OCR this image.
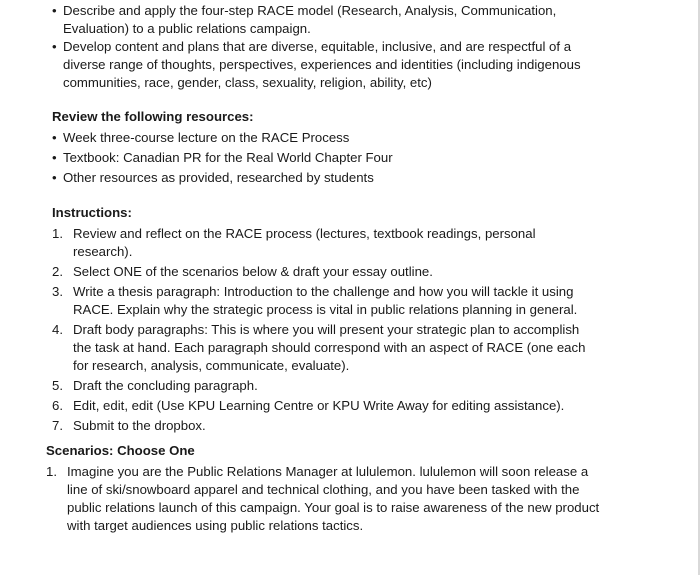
• Describe and apply the four-step RACE model (Research, Analysis, Communication, Evaluation) to a public relations campaign.
• Develop content and plans that are diverse, equitable, inclusive, and are respectful of a diverse range of thoughts, perspectives, experiences and identities (including indigenous communities, race, gender, class, sexuality, religion, ability, etc)
Review the following resources:
• Week three-course lecture on the RACE Process
• Textbook: Canadian PR for the Real World Chapter Four
• Other resources as provided, researched by students
Instructions:
1. Review and reflect on the RACE process (lectures, textbook readings, personal research).
2. Select ONE of the scenarios below & draft your essay outline.
3. Write a thesis paragraph: Introduction to the challenge and how you will tackle it using RACE. Explain why the strategic process is vital in public relations planning in general.
4. Draft body paragraphs: This is where you will present your strategic plan to accomplish the task at hand. Each paragraph should correspond with an aspect of RACE (one each for research, analysis, communicate, evaluate).
5. Draft the concluding paragraph.
6. Edit, edit, edit (Use KPU Learning Centre or KPU Write Away for editing assistance).
7. Submit to the dropbox.
Scenarios: Choose One
1. Imagine you are the Public Relations Manager at lululemon. lululemon will soon release a line of ski/snowboard apparel and technical clothing, and you have been tasked with the public relations launch of this campaign. Your goal is to raise awareness of the new product with target audiences using public relations tactics.
